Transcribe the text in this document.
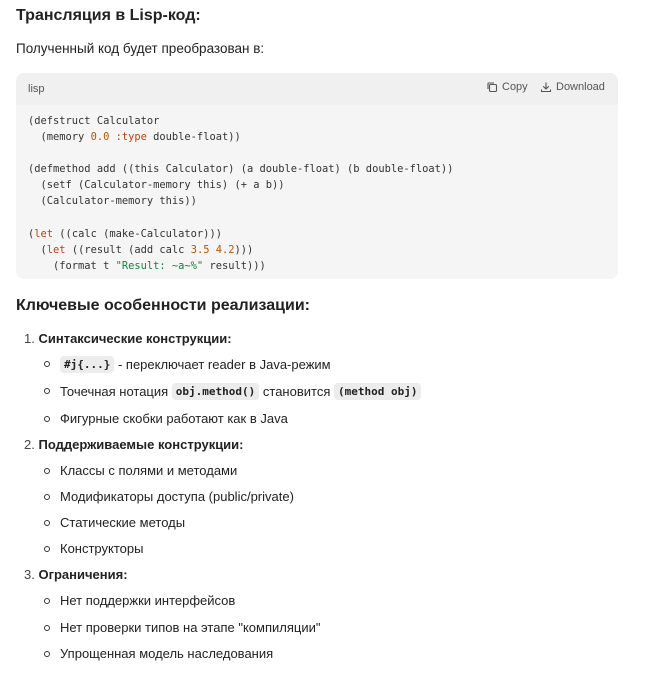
Трансляция в Lisp-код:
Полученный код будет преобразован в:
lisp	Copy	Download
(defstruct Calculator
(memory 0.0 :type double-float))

(defmethod add ((this Calculator) (a double-float) (b double-float))
(setf (Calculator-memory this) (+ a b))
(Calculator-memory this))

(let ((calc (make-Calculator)))
(let ((result (add calc 3.5 4.2)))
(format t "Result: ~a~%" result)))
Ключевые особенности реализации:
1. Синтаксические конструкции:
#j{...} - переключает reader в Java-режим
Точечная нотация obj.method() становится (method obj)
Фигурные скобки работают как в Java
2. Поддерживаемые конструкции:
Классы с полями и методами
Модификаторы доступа (public/private)
Статические методы
Конструкторы
3. Ограничения:
Нет поддержки интерфейсов
Нет проверки типов на этапе "компиляции"
Упрощенная модель наследования
